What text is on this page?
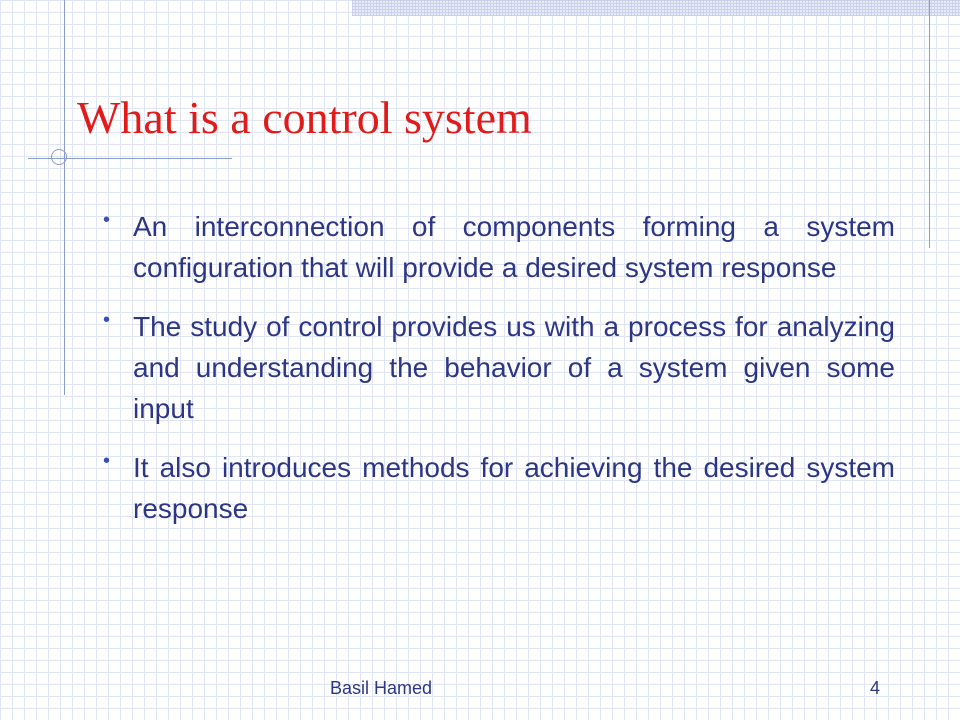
What is a control system
• An interconnection of components forming a system configuration that will provide a desired system response
• The study of control provides us with a process for analyzing and understanding the behavior of a system given some input
• It also introduces methods for achieving the desired system response
Basil Hamed	4
